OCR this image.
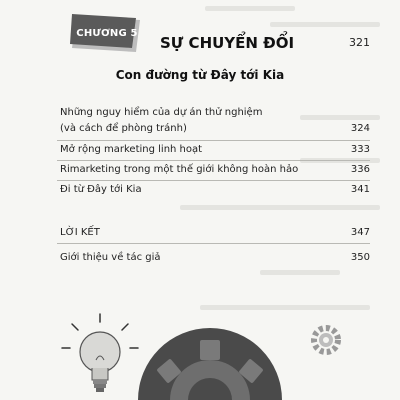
CHƯƠNG 5
SỰ CHUYỂN ĐỔI	321
Con đường từ Đây tới Kia
Những nguy hiểm của dự án thử nghiệm
(và cách để phòng tránh)	324
Mở rộng marketing linh hoạt	333
Rimarketing trong một thế giới không hoàn hảo	336
Đi từ Đây tới Kia	341
LỜI KẾT	347
Giới thiệu về tác giả	350
